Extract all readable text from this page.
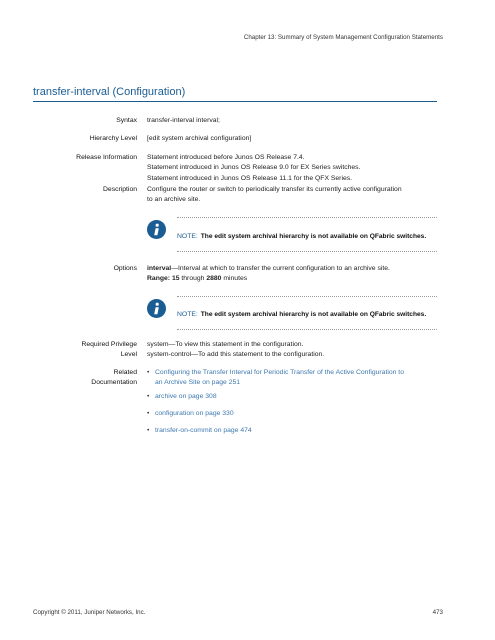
Chapter 13: Summary of System Management Configuration Statements
transfer-interval (Configuration)
Syntax transfer-interval interval;
Hierarchy Level [edit system archival configuration]
Release Information Statement introduced before Junos OS Release 7.4.
Statement introduced in Junos OS Release 9.0 for EX Series switches.
Statement introduced in Junos OS Release 11.1 for the QFX Series.
Description Configure the router or switch to periodically transfer its currently active configuration
to an archive site.
NOTE: The edit system archival hierarchy is not available on QFabric switches.
Options interval—Interval at which to transfer the current configuration to an archive site.
Range: 15 through 2880 minutes
NOTE: The edit system archival hierarchy is not available on QFabric switches.
Required Privilege
Level
system—To view this statement in the configuration.
system-control—To add this statement to the configuration.
Related
Documentation
• Configuring the Transfer Interval for Periodic Transfer of the Active Configuration to
an Archive Site on page 251
• archive on page 308
• configuration on page 330
• transfer-on-commit on page 474
Copyright © 2011, Juniper Networks, Inc.	473
